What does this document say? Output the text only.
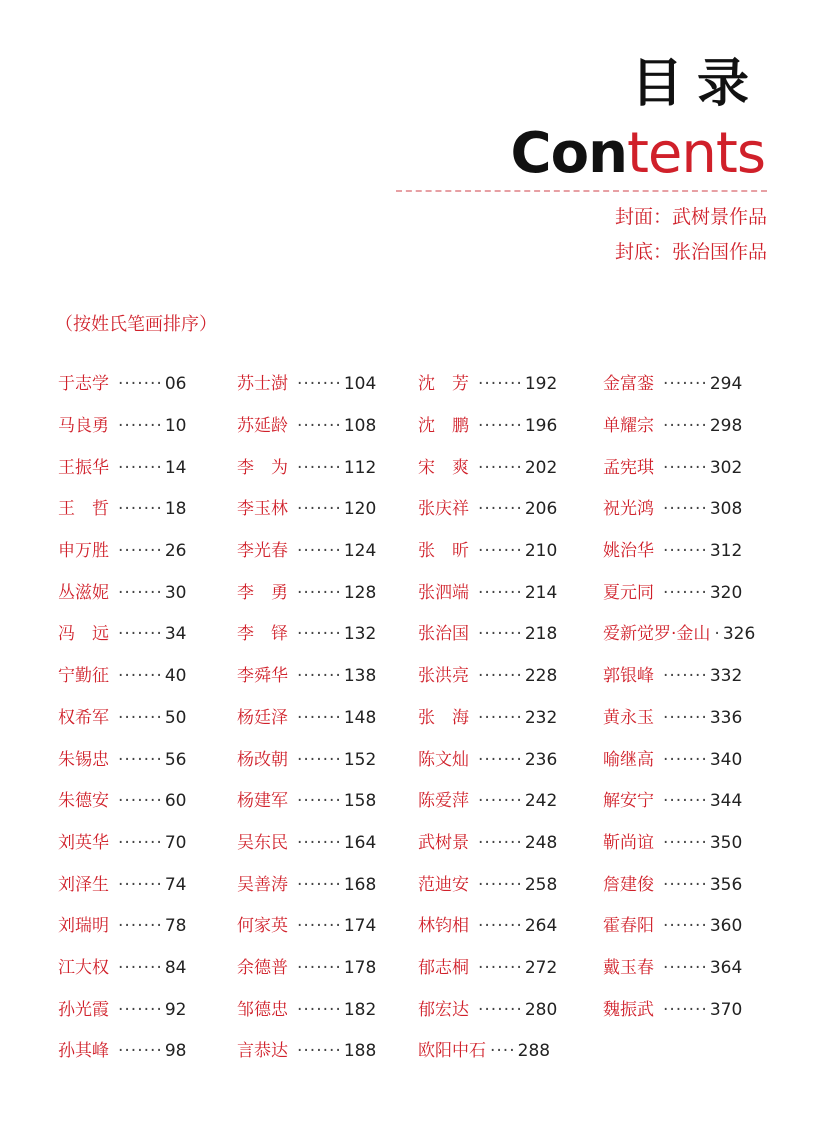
目录
Contents
封面：武树景作品
封底：张治国作品
（按姓氏笔画排序）
于志学 ······· 06
马良勇 ······· 10
王振华 ······· 14
王　哲 ······· 18
申万胜 ······· 26
丛滋妮 ······· 30
冯　远 ······· 34
宁勤征 ······· 40
权希军 ······· 50
朱锡忠 ······· 56
朱德安 ······· 60
刘英华 ······· 70
刘泽生 ······· 74
刘瑞明 ······· 78
江大权 ······· 84
孙光霞 ······· 92
孙其峰 ······· 98
苏士澍 ······· 104
苏延龄 ······· 108
李　为 ······· 112
李玉林 ······· 120
李光春 ······· 124
李　勇 ······· 128
李　铎 ······· 132
李舜华 ······· 138
杨廷泽 ······· 148
杨改朝 ······· 152
杨建军 ······· 158
吴东民 ······· 164
吴善涛 ······· 168
何家英 ······· 174
余德普 ······· 178
邹德忠 ······· 182
言恭达 ······· 188
沈　芳 ······· 192
沈　鹏 ······· 196
宋　爽 ······· 202
张庆祥 ······· 206
张　昕 ······· 210
张泗端 ······· 214
张治国 ······· 218
张洪亮 ······· 228
张　海 ······· 232
陈文灿 ······· 236
陈爱萍 ······· 242
武树景 ······· 248
范迪安 ······· 258
林钧相 ······· 264
郁志桐 ······· 272
郁宏达 ······· 280
欧阳中石 ···· 288
金富銮 ······· 294
单耀宗 ······· 298
孟宪琪 ······· 302
祝光鸿 ······· 308
姚治华 ······· 312
夏元同 ······· 320
爱新觉罗·金山 · 326
郭银峰 ······· 332
黄永玉 ······· 336
喻继高 ······· 340
解安宁 ······· 344
靳尚谊 ······· 350
詹建俊 ······· 356
霍春阳 ······· 360
戴玉春 ······· 364
魏振武 ······· 370
